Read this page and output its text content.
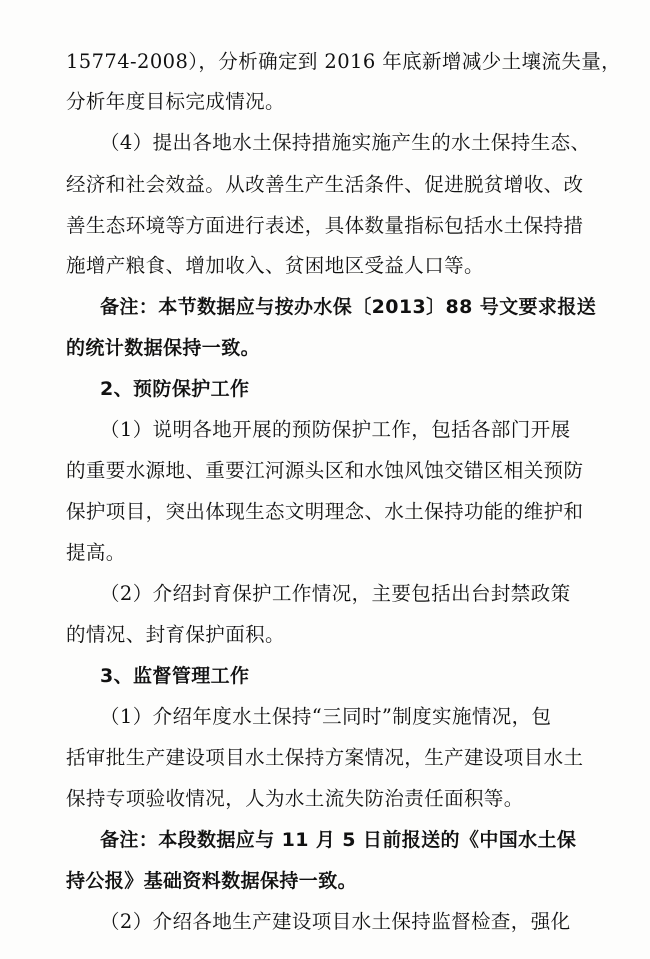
15774-2008），分析确定到 2016 年底新增减少土壤流失量，
分析年度目标完成情况。
（4）提出各地水土保持措施实施产生的水土保持生态、
经济和社会效益。从改善生产生活条件、促进脱贫增收、改
善生态环境等方面进行表述，具体数量指标包括水土保持措
施增产粮食、增加收入、贫困地区受益人口等。
备注：本节数据应与按办水保〔2013〕88 号文要求报送
的统计数据保持一致。
2、预防保护工作
（1）说明各地开展的预防保护工作，包括各部门开展
的重要水源地、重要江河源头区和水蚀风蚀交错区相关预防
保护项目，突出体现生态文明理念、水土保持功能的维护和
提高。
（2）介绍封育保护工作情况，主要包括出台封禁政策
的情况、封育保护面积。
3、监督管理工作
（1）介绍年度水土保持“三同时”制度实施情况，包
括审批生产建设项目水土保持方案情况，生产建设项目水土
保持专项验收情况，人为水土流失防治责任面积等。
备注：本段数据应与 11 月 5 日前报送的《中国水土保
持公报》基础资料数据保持一致。
（2）介绍各地生产建设项目水土保持监督检查，强化
